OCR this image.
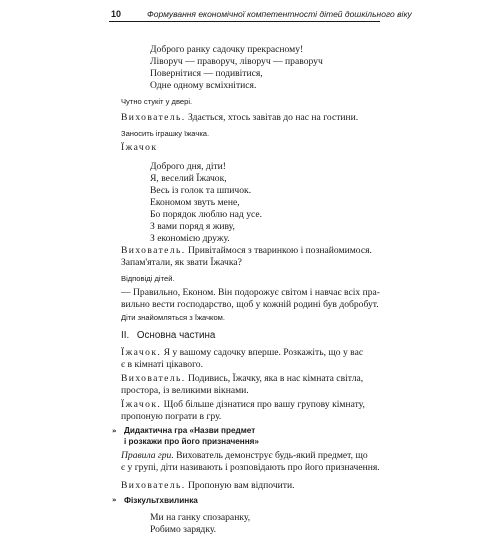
10	Формування економічної компетентності дітей дошкільного віку
Доброго ранку садочку прекрасному!
Ліворуч — праворуч, ліворуч — праворуч
Повернітися — подивітися,
Одне одному всміхнітися.
Чутно стукіт у двері.
Вихователь. Здається, хтось завітав до нас на гостини.
Заносить іграшку їжачка.
Їжачок
Доброго дня, діти!
Я, веселий Їжачок,
Весь із голок та шпичок.
Економом звуть мене,
Бо порядок люблю над усе.
З вами поряд я живу,
З економією дружу.
Вихователь. Привітаймося з тваринкою і познайомимося.
Запам'ятали, як звати Їжачка?
Відповіді дітей.
— Правильно, Економ. Він подорожує світом і навчає всіх пра-
вильно вести господарство, щоб у кожній родині був добробут.
Діти знайомляться з Їжачком.
II. Основна частина
Їжачок. Я у вашому садочку вперше. Розкажіть, що у вас
є в кімнаті цікавого.
Вихователь. Подивись, Їжачку, яка в нас кімната світла,
простора, із великими вікнами.
Їжачок. Щоб більше дізнатися про вашу групову кімнату,
пропоную пограти в гру.
» Дидактична гра «Назви предмет
і розкажи про його призначення»
Правила гри. Вихователь демонструє будь-який предмет, що
є у групі, діти називають і розповідають про його призначення.
Вихователь. Пропоную вам відпочити.
» Фізкультхвилинка
Ми на ганку спозаранку,
Робимо зарядку.
